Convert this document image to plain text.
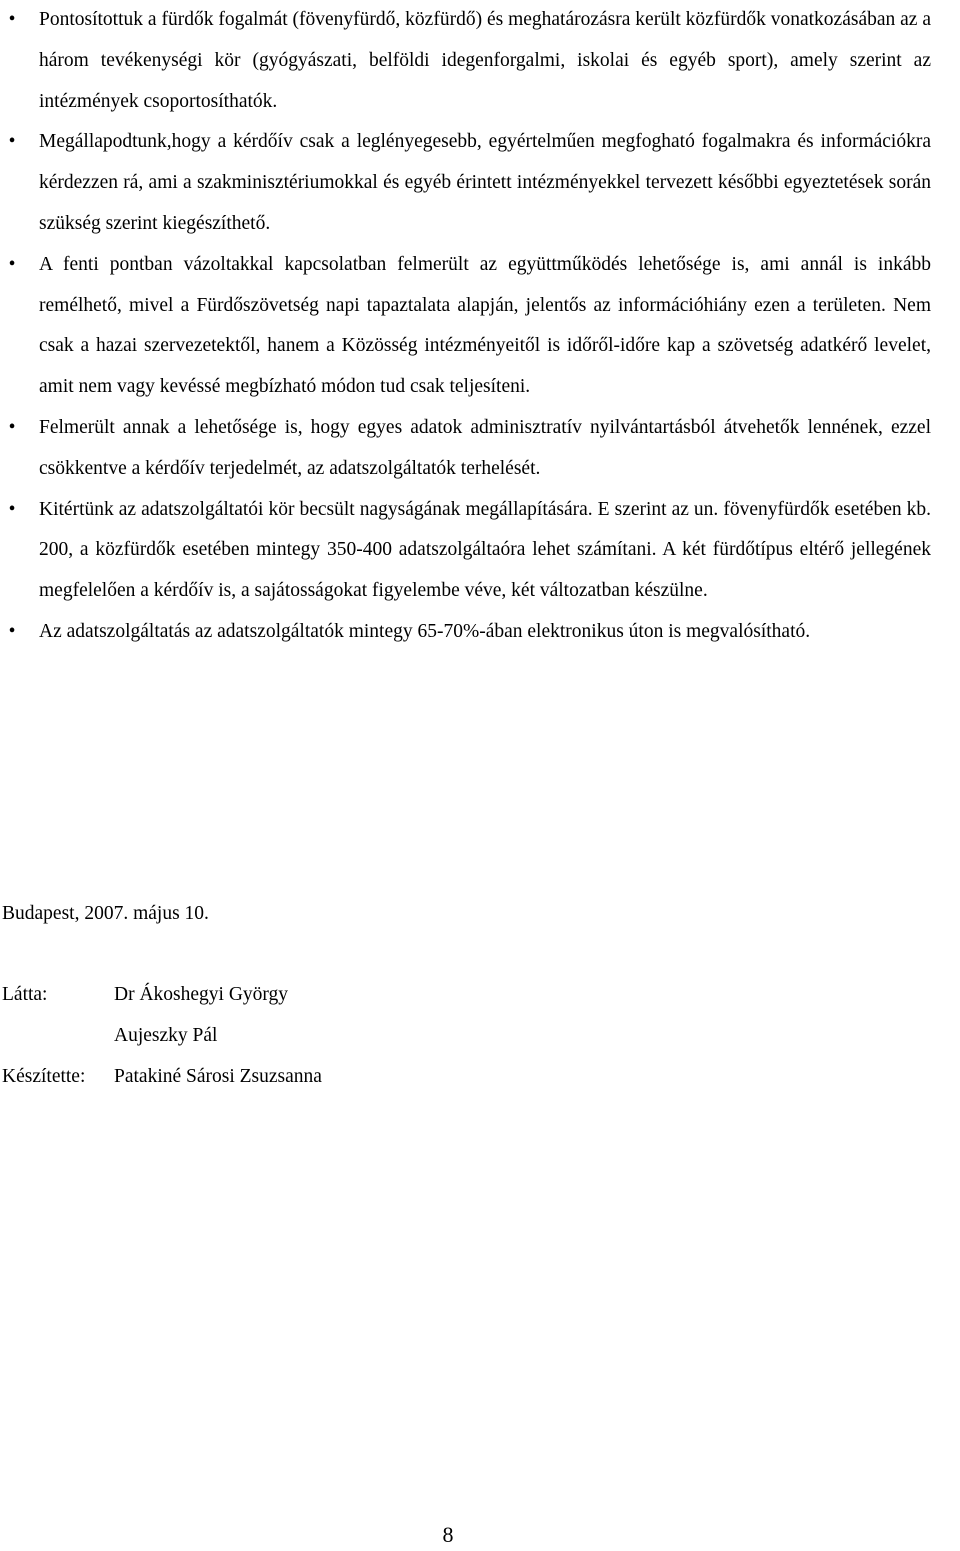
•	Pontosítottuk a fürdők fogalmát (fövenyfürdő, közfürdő) és meghatározásra került közfürdők vonatkozásában az a három tevékenységi kör (gyógyászati, belföldi idegenforgalmi, iskolai és egyéb sport), amely szerint az intézmények csoportosíthatók.
•	Megállapodtunk,hogy a kérdőív csak a leglényegesebb, egyértelműen megfogható fogalmakra és információkra kérdezzen rá, ami a szakminisztériumokkal és egyéb érintett intézményekkel tervezett későbbi egyeztetések során szükség szerint kiegészíthető.
•	A fenti pontban vázoltakkal kapcsolatban felmerült az együttműködés lehetősége is, ami annál is inkább remélhető, mivel a Fürdőszövetség napi tapaztalata alapján, jelentős az információhiány ezen a területen. Nem csak a hazai szervezetektől, hanem a Közösség intézményeitől is időről-időre kap a szövetség adatkérő levelet, amit nem vagy kevéssé megbízható módon tud csak teljesíteni.
•	Felmerült annak a lehetősége is, hogy egyes adatok adminisztratív nyilvántartásból átvehetők lennének, ezzel csökkentve a kérdőív terjedelmét, az adatszolgáltatók terhelését.
•	Kitértünk az adatszolgáltatói kör becsült nagyságának megállapítására. E szerint az un. fövenyfürdők esetében kb. 200, a közfürdők esetében mintegy 350-400 adatszolgáltaóra lehet számítani. A két fürdőtípus eltérő jellegének megfelelően a kérdőív is, a sajátosságokat figyelembe véve, két változatban készülne.
•	Az adatszolgáltatás az adatszolgáltatók mintegy 65-70%-ában elektronikus úton is megvalósítható.
Budapest, 2007. május 10.
Látta:	Dr Ákoshegyi György
Aujeszky Pál
Készítette: Patakiné Sárosi Zsuzsanna
8
